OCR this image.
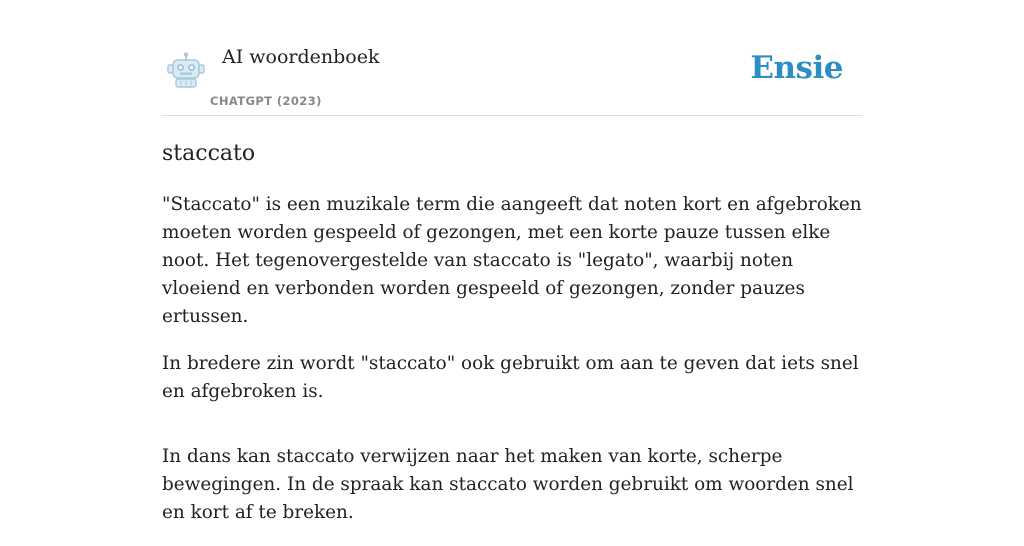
AI woordenboek
CHATGPT (2023)
Ensie
staccato

"Staccato" is een muzikale term die aangeeft dat noten kort en afgebroken moeten worden gespeeld of gezongen, met een korte pauze tussen elke noot. Het tegenovergestelde van staccato is "legato", waarbij noten vloeiend en verbonden worden gespeeld of gezongen, zonder pauzes ertussen.

In bredere zin wordt "staccato" ook gebruikt om aan te geven dat iets snel en afgebroken is.

In dans kan staccato verwijzen naar het maken van korte, scherpe bewegingen. In de spraak kan staccato worden gebruikt om woorden snel en kort af te breken.
